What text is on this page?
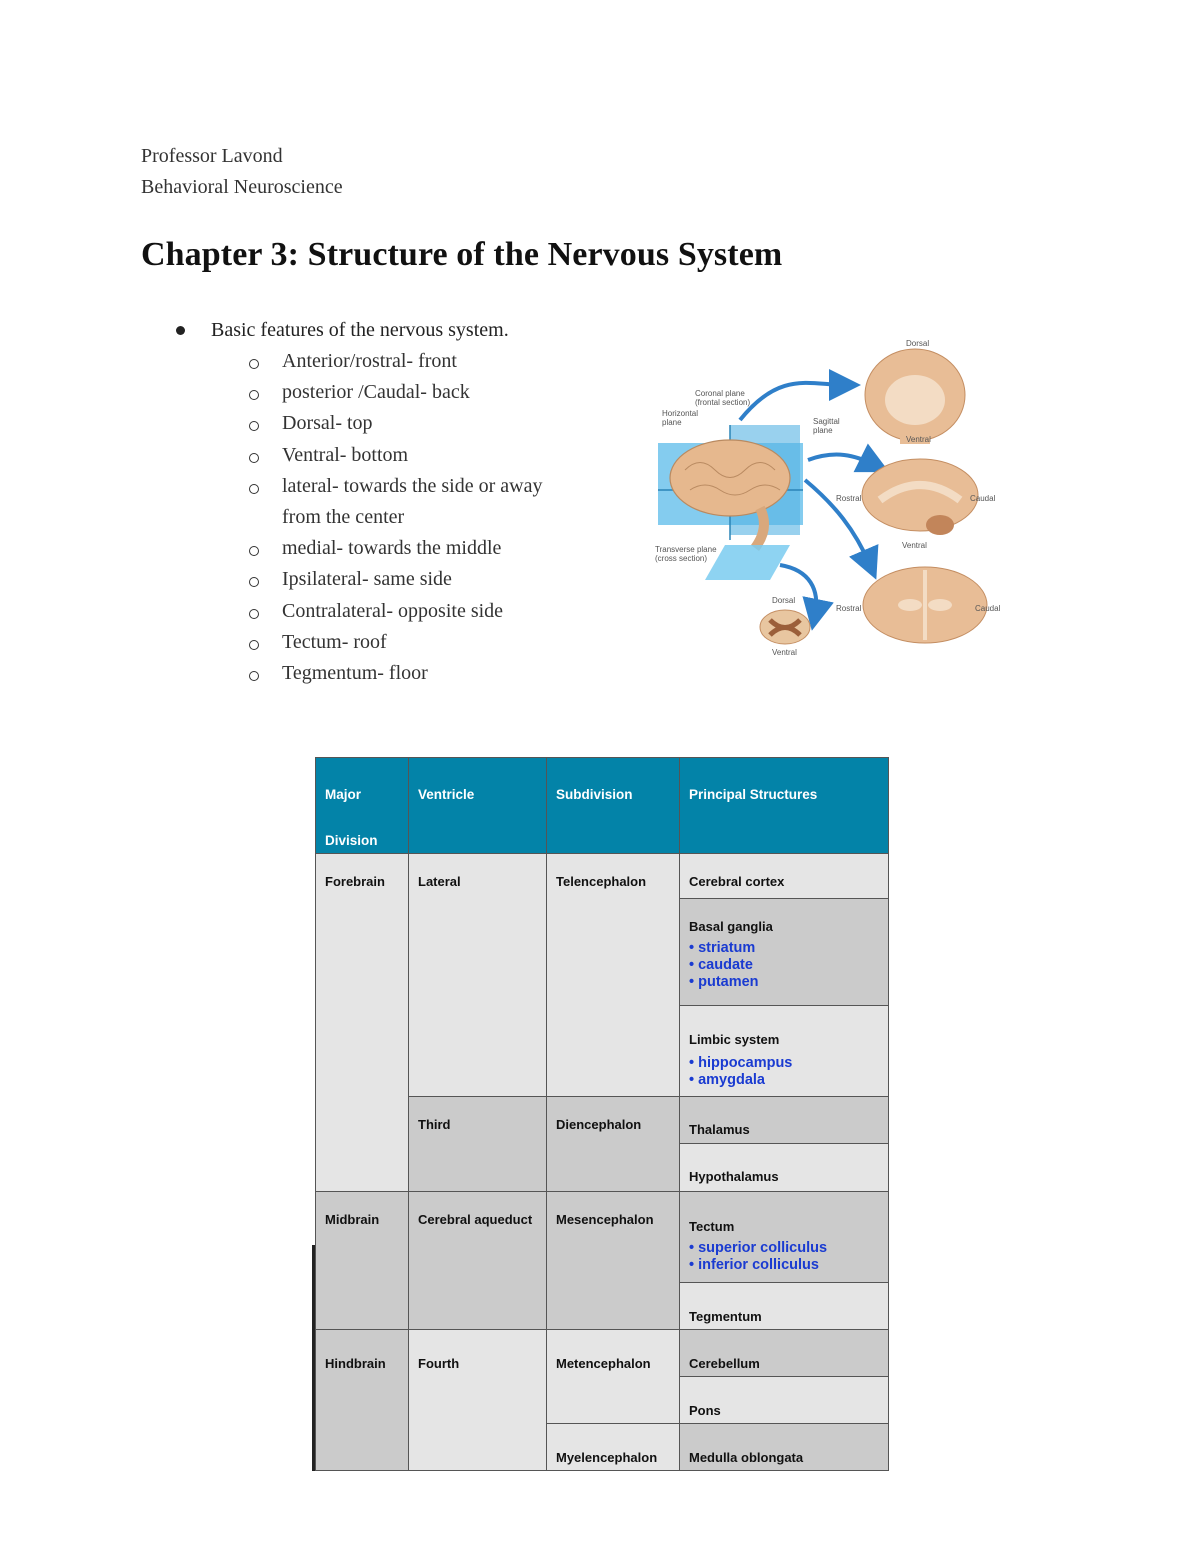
Professor Lavond
Behavioral Neuroscience
Chapter 3: Structure of the Nervous System
Basic features of the nervous system.
Anterior/rostral- front
posterior /Caudal- back
Dorsal- top
Ventral- bottom
lateral- towards the side or away
from the center
medial- towards the middle
Ipsilateral- same side
Contralateral- opposite side
Tectum- roof
Tegmentum- floor
Dorsal
Coronal plane
(frontal section)
Horizontal
plane	Sagittal
plane
Ventral
Rostral	Caudal
Ventral
Transverse plane
(cross section)
Rostral	Caudal
Dorsal
Ventral
Major
Division	Ventricle	Subdivision	Principal Structures

Forebrain	Lateral	Telencephalon	Cerebral cortex

			Basal ganglia
• striatum
• caudate
• putamen

			Limbic system
• hippocampus
• amygdala

	Third	Diencephalon	Thalamus
			Hypothalamus
Midbrain	Cerebral aqueduct	Mesencephalon	Tectum
• superior colliculus
• inferior colliculus

			Tegmentum
Hindbrain	Fourth	Metencephalon	Cerebellum
			Pons
		Myelencephalon	Medulla oblongata
